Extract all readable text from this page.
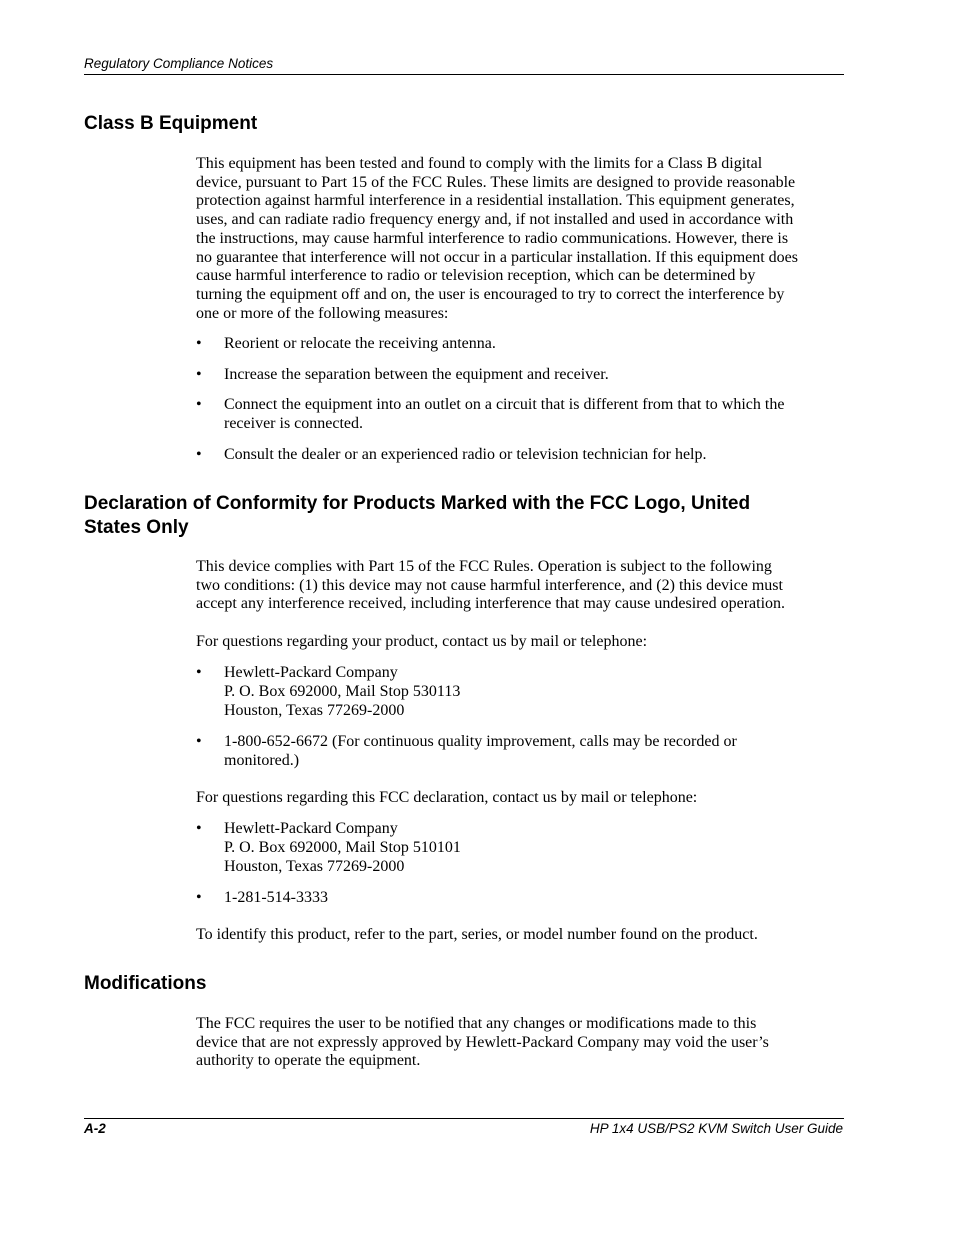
Regulatory Compliance Notices
Class B Equipment
This equipment has been tested and found to comply with the limits for a Class B digital
device, pursuant to Part 15 of the FCC Rules. These limits are designed to provide reasonable
protection against harmful interference in a residential installation. This equipment generates,
uses, and can radiate radio frequency energy and, if not installed and used in accordance with
the instructions, may cause harmful interference to radio communications. However, there is
no guarantee that interference will not occur in a particular installation. If this equipment does
cause harmful interference to radio or television reception, which can be determined by
turning the equipment off and on, the user is encouraged to try to correct the interference by
one or more of the following measures:
•	Reorient or relocate the receiving antenna.
•	Increase the separation between the equipment and receiver.
•	Connect the equipment into an outlet on a circuit that is different from that to which the
receiver is connected.
•	Consult the dealer or an experienced radio or television technician for help.
Declaration of Conformity for Products Marked with the FCC Logo, United
States Only
This device complies with Part 15 of the FCC Rules. Operation is subject to the following
two conditions: (1) this device may not cause harmful interference, and (2) this device must
accept any interference received, including interference that may cause undesired operation.
For questions regarding your product, contact us by mail or telephone:
•	Hewlett-Packard Company
P. O. Box 692000, Mail Stop 530113
Houston, Texas 77269-2000
•	1-800-652-6672 (For continuous quality improvement, calls may be recorded or
monitored.)
For questions regarding this FCC declaration, contact us by mail or telephone:
•	Hewlett-Packard Company
P. O. Box 692000, Mail Stop 510101
Houston, Texas 77269-2000
•	1-281-514-3333
To identify this product, refer to the part, series, or model number found on the product.
Modifications
The FCC requires the user to be notified that any changes or modifications made to this
device that are not expressly approved by Hewlett-Packard Company may void the user’s
authority to operate the equipment.
A-2	HP 1x4 USB/PS2 KVM Switch User Guide
